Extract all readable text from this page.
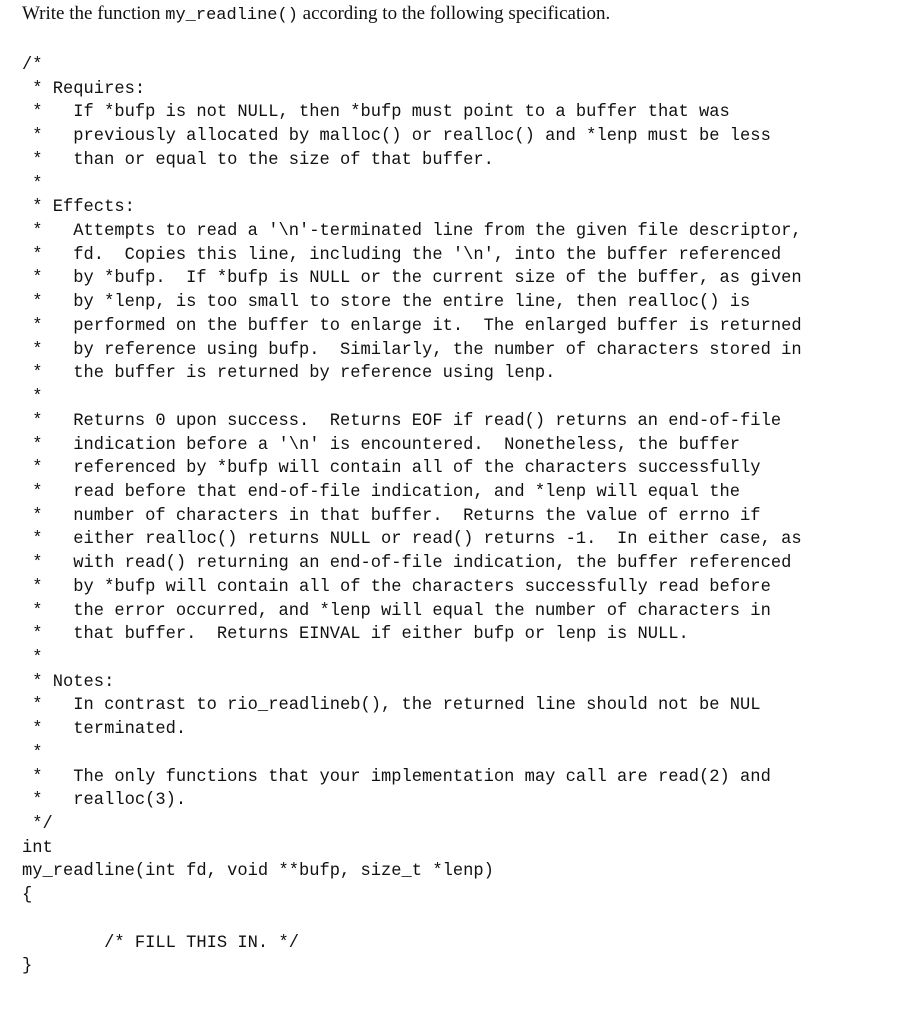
Write the function my_readline() according to the following specification.
/*
* Requires:
*   If *bufp is not NULL, then *bufp must point to a buffer that was
*   previously allocated by malloc() or realloc() and *lenp must be less
*   than or equal to the size of that buffer.
*
* Effects:
*   Attempts to read a '\n'-terminated line from the given file descriptor,
*   fd.  Copies this line, including the '\n', into the buffer referenced
*   by *bufp.  If *bufp is NULL or the current size of the buffer, as given
*   by *lenp, is too small to store the entire line, then realloc() is
*   performed on the buffer to enlarge it.  The enlarged buffer is returned
*   by reference using bufp.  Similarly, the number of characters stored in
*   the buffer is returned by reference using lenp.
*
*   Returns 0 upon success.  Returns EOF if read() returns an end-of-file
*   indication before a '\n' is encountered.  Nonetheless, the buffer
*   referenced by *bufp will contain all of the characters successfully
*   read before that end-of-file indication, and *lenp will equal the
*   number of characters in that buffer.  Returns the value of errno if
*   either realloc() returns NULL or read() returns -1.  In either case, as
*   with read() returning an end-of-file indication, the buffer referenced
*   by *bufp will contain all of the characters successfully read before
*   the error occurred, and *lenp will equal the number of characters in
*   that buffer.  Returns EINVAL if either bufp or lenp is NULL.
*
* Notes:
*   In contrast to rio_readlineb(), the returned line should not be NUL
*   terminated.
*
*   The only functions that your implementation may call are read(2) and
*   realloc(3).
*/
int
my_readline(int fd, void **bufp, size_t *lenp)
{
/* FILL THIS IN. */
}
